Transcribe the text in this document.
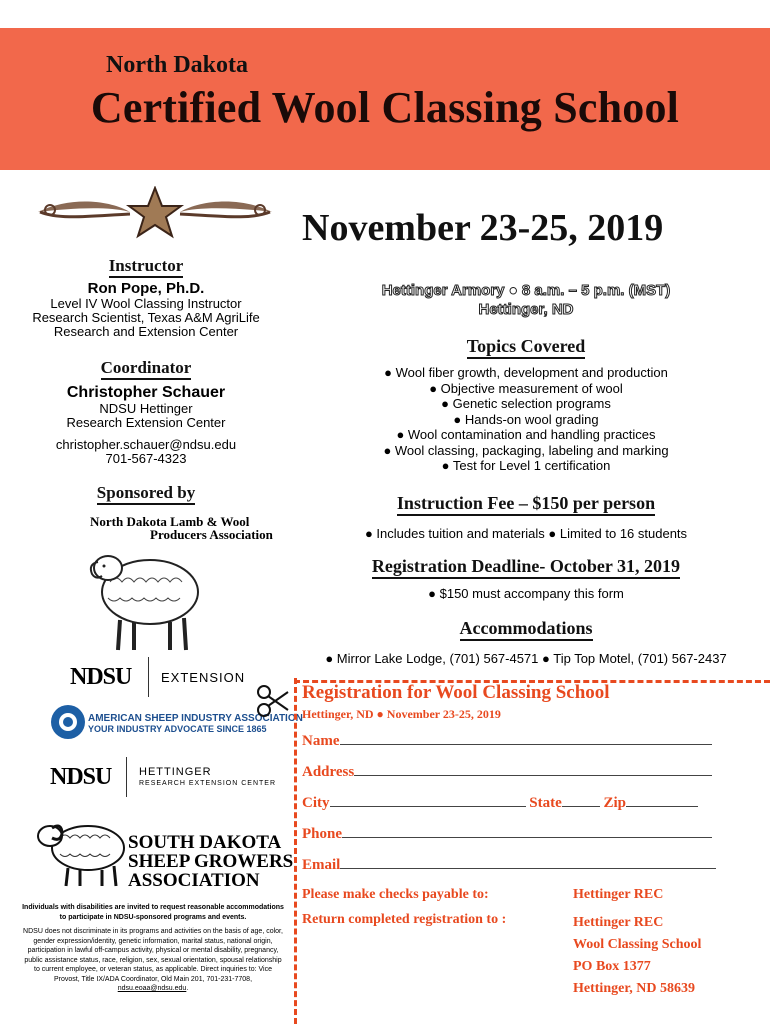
North Dakota
Certified Wool Classing School
November 23-25, 2019
Instructor
Ron Pope, Ph.D.
Level IV Wool Classing Instructor
Research Scientist, Texas A&M AgriLife
Research and Extension Center
Coordinator
Christopher Schauer
NDSU Hettinger
Research Extension Center
christopher.schauer@ndsu.edu
701-567-4323
Sponsored by
North Dakota Lamb & Wool
Producers Association
NDSU EXTENSION
AMERICAN SHEEP INDUSTRY ASSOCIATION
YOUR INDUSTRY ADVOCATE SINCE 1865
NDSU	HETTINGER
RESEARCH EXTENSION CENTER
SOUTH DAKOTA
SHEEP GROWERS
ASSOCIATION
Individuals with disabilities are invited to request reasonable accommodations to participate in NDSU-sponsored programs and events.
NDSU does not discriminate in its programs and activities on the basis of age, color, gender expression/identity, genetic information, marital status, national origin, participation in lawful off-campus activity, physical or mental disability, pregnancy, public assistance status, race, religion, sex, sexual orientation, spousal relationship to current employee, or veteran status, as applicable. Direct inquiries to: Vice Provost, Title IX/ADA Coordinator, Old Main 201, 701-231-7708, ndsu.eoaa@ndsu.edu.
Hettinger Armory ● 8 a.m. – 5 p.m. (MST)
Hettinger, ND
Topics Covered
● Wool fiber growth, development and production
● Objective measurement of wool
● Genetic selection programs
● Hands-on wool grading
● Wool contamination and handling practices
● Wool classing, packaging, labeling and marking
● Test for Level 1 certification
Instruction Fee – $150 per person
● Includes tuition and materials ● Limited to 16 students
Registration Deadline- October 31, 2019
● $150 must accompany this form
Accommodations
● Mirror Lake Lodge, (701) 567-4571 ● Tip Top Motel, (701) 567-2437
Registration for Wool Classing School
Hettinger, ND ● November 23-25, 2019
Name
Address
City	State	Zip
Phone
Email
Please make checks payable to:	Hettinger REC
Return completed registration to :	Hettinger REC
Wool Classing School
PO Box 1377
Hettinger, ND 58639
